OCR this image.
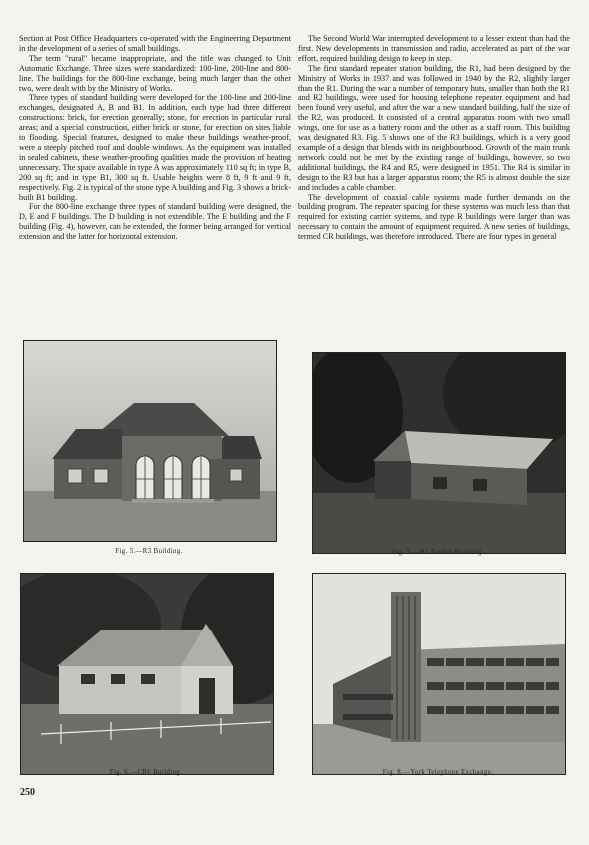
Section at Post Office Headquarters co-operated with the Engineering Department in the development of a series of small buildings.

The term "rural" became inappropriate, and the title was changed to Unit Automatic Exchange. Three sizes were standardized: 100-line, 200-line and 800-line. The buildings for the 800-line exchange, being much larger than the other two, were dealt with by the Ministry of Works.

Three types of standard building were developed for the 100-line and 200-line exchanges, designated A, B and B1. In addition, each type had three different constructions: brick, for erection generally; stone, for erection in particular rural areas; and a special construction, either brick or stone, for erection on sites liable to flooding. Special features, designed to make these buildings weather-proof, were a steeply pitched roof and double windows. As the equipment was installed in sealed cabinets, these weather-proofing qualities made the provision of heating unnecessary. The space available in type A was approximately 110 sq ft; in type B, 200 sq ft; and in type B1, 300 sq ft. Usable heights were 8 ft, 9 ft and 9 ft, respectively. Fig. 2 is typical of the stone type A building and Fig. 3 shows a brick-built B1 building.

For the 800-line exchange three types of standard building were designed, the D, E and F buildings. The D building is not extendible. The E building and the F building (Fig. 4), however, can be extended, the former being arranged for vertical extension and the latter for horizontal extension.

The Second World War interrupted development to a lesser extent than had the first. New developments in transmission and radio, accelerated as part of the war effort, required building design to keep in step.

The first standard repeater station building, the R1, had been designed by the Ministry of Works in 1937 and was followed in 1940 by the R2, slightly larger than the R1. During the war a number of temporary huts, smaller than both the R1 and R2 buildings, were used for housing telephone repeater equipment and had been found very useful, and after the war a new standard building, half the size of the R2, was produced. It consisted of a central apparatus room with two small wings, one for use as a battery room and the other as a staff room. This building was designated R3. Fig. 5 shows one of the R3 buildings, which is a very good example of a design that blends with its neighbourhood. Growth of the main trunk network could not be met by the existing range of buildings, however, so two additional buildings, the R4 and R5, were designed in 1951. The R4 is similar in design to the R3 but has a larger apparatus room; the R5 is almost double the size and includes a cable chamber.

The development of coaxial cable systems made further demands on the building program. The repeater spacing for these systems was much less than that required for existing carrier systems, and type R buildings were larger than was necessary to contain the amount of equipment required. A new series of buildings, termed CR buildings, was therefore introduced. There are four types in general

Fig. 5.—R3 Building.	Fig. 7.—B1 Timber Building.
Fig. 6.—CR6 Building.	Fig. 8.—York Telephone Exchange.
250
